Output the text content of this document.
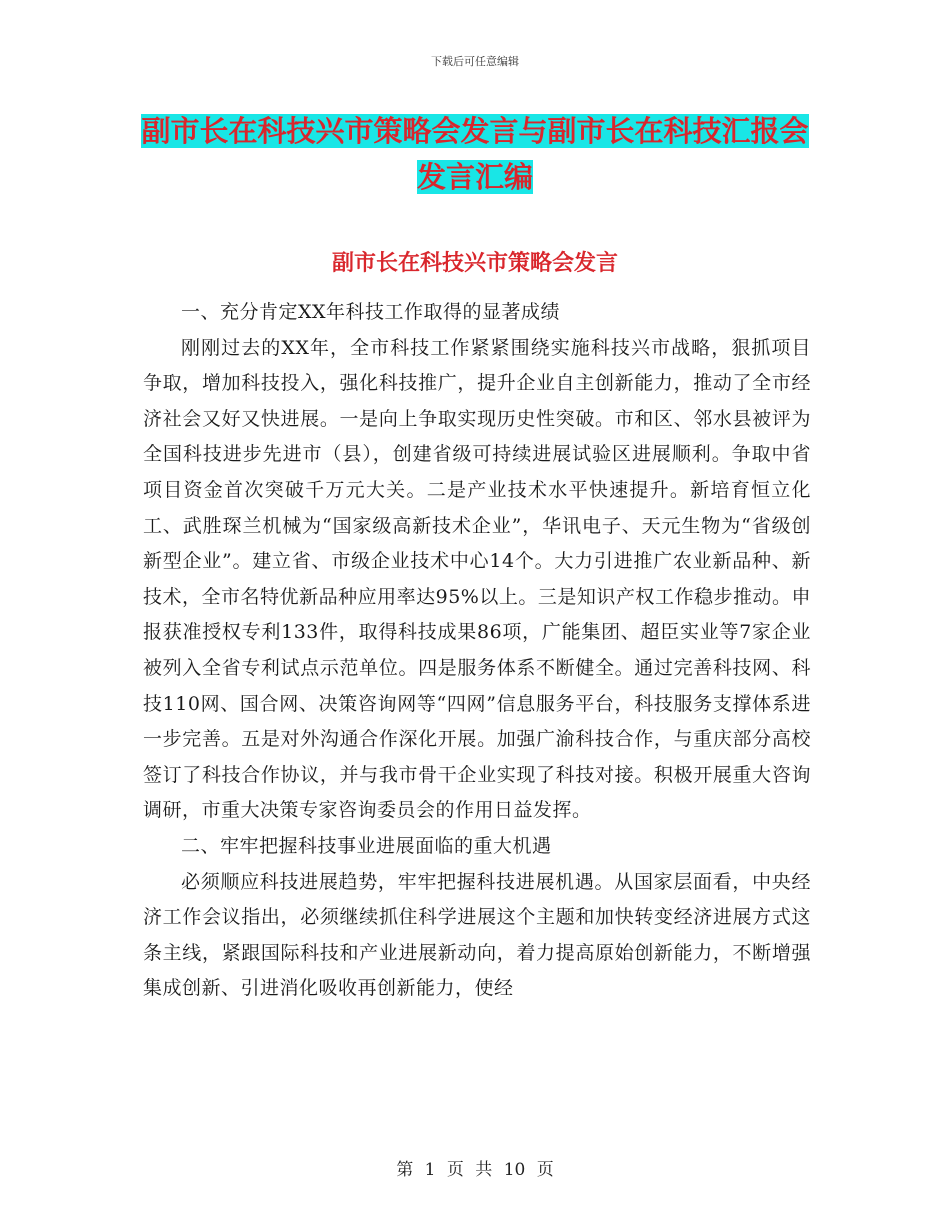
下载后可任意编辑
副市长在科技兴市策略会发言与副市长在科技汇报会
发言汇编
副市长在科技兴市策略会发言

一、充分肯定XX年科技工作取得的显著成绩

刚刚过去的XX年，全市科技工作紧紧围绕实施科技兴市战略，狠抓项目争取，增加科技投入，强化科技推广，提升企业自主创新能力，推动了全市经济社会又好又快进展。一是向上争取实现历史性突破。市和区、邻水县被评为全国科技进步先进市（县），创建省级可持续进展试验区进展顺利。争取中省项目资金首次突破千万元大关。二是产业技术水平快速提升。新培育恒立化工、武胜琛兰机械为“国家级高新技术企业”，华讯电子、天元生物为“省级创新型企业”。建立省、市级企业技术中心14个。大力引进推广农业新品种、新技术，全市名特优新品种应用率达95%以上。三是知识产权工作稳步推动。申报获准授权专利133件，取得科技成果86项，广能集团、超臣实业等7家企业被列入全省专利试点示范单位。四是服务体系不断健全。通过完善科技网、科技110网、国合网、决策咨询网等“四网”信息服务平台，科技服务支撑体系进一步完善。五是对外沟通合作深化开展。加强广渝科技合作，与重庆部分高校签订了科技合作协议，并与我市骨干企业实现了科技对接。积极开展重大咨询调研，市重大决策专家咨询委员会的作用日益发挥。

二、牢牢把握科技事业进展面临的重大机遇

必须顺应科技进展趋势，牢牢把握科技进展机遇。从国家层面看，中央经济工作会议指出，必须继续抓住科学进展这个主题和加快转变经济进展方式这条主线，紧跟国际科技和产业进展新动向，着力提高原始创新能力，不断增强集成创新、引进消化吸收再创新能力，使经

第 1 页 共 10 页
